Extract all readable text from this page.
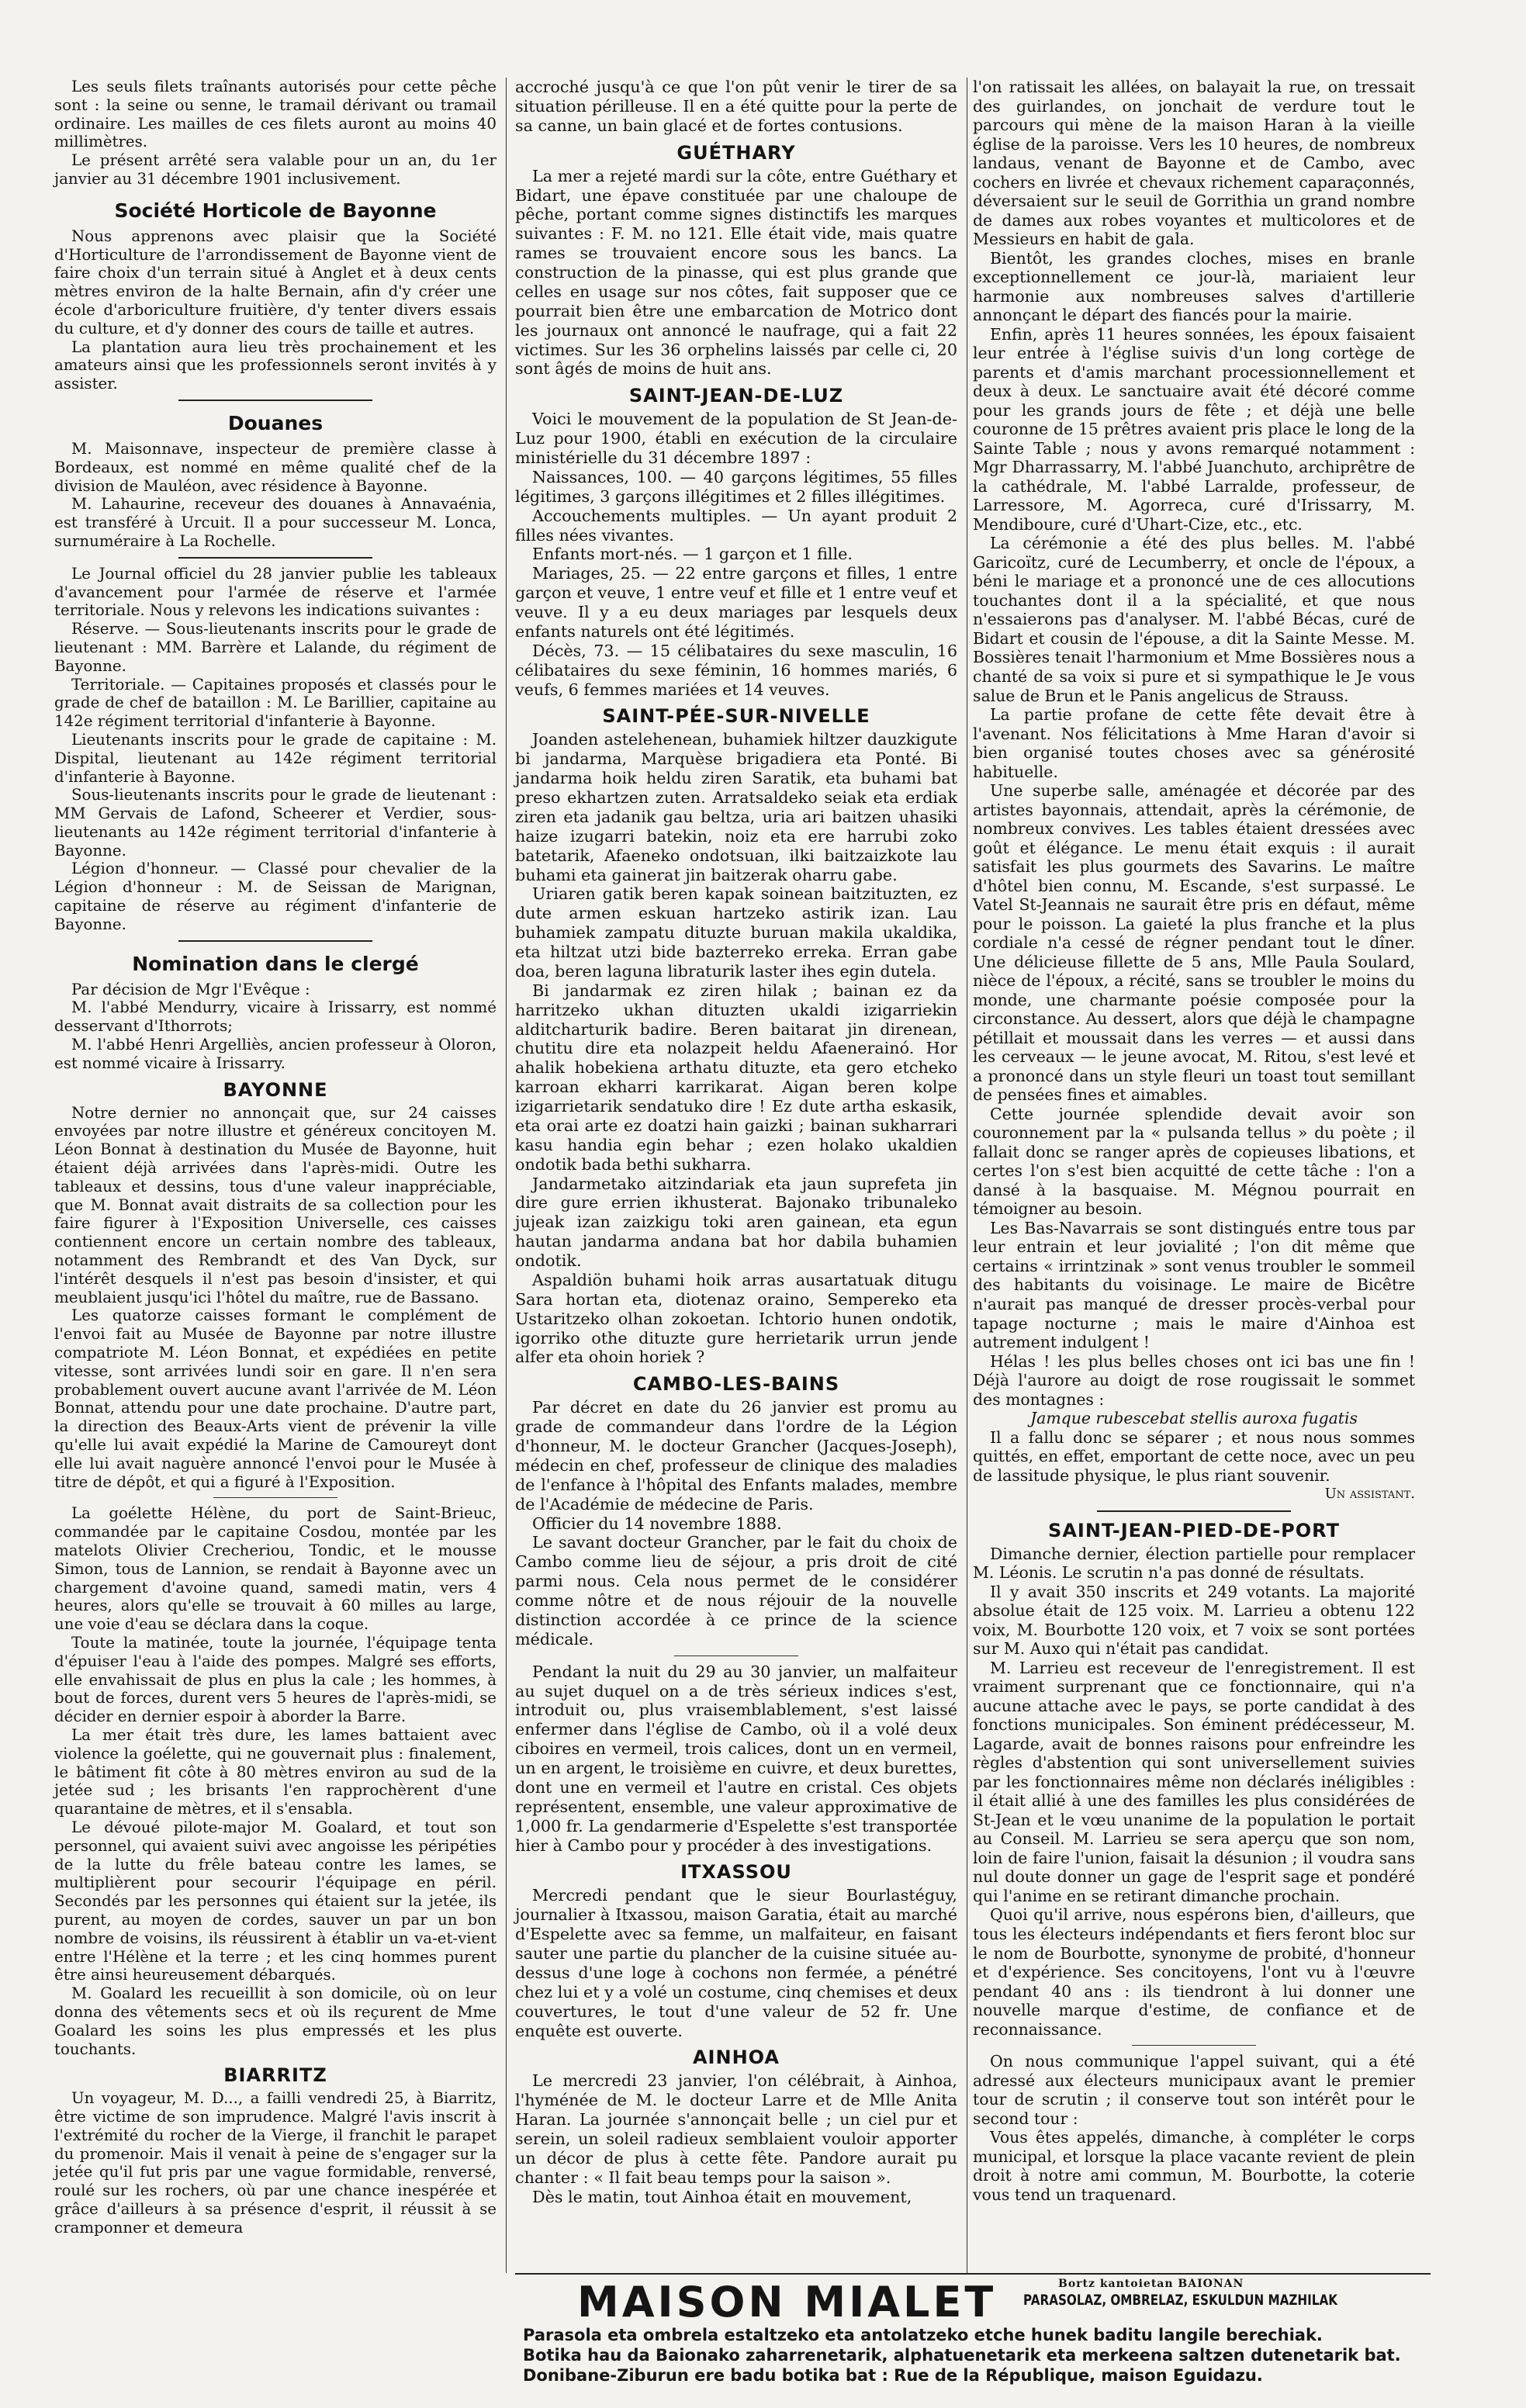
Les seuls filets traînants autorisés pour cette pêche sont : la seine ou senne, le tramail dérivant ou tramail ordinaire. Les mailles de ces filets auront au moins 40 millimètres.

Le présent arrêté sera valable pour un an, du 1er janvier au 31 décembre 1901 inclusivement.

Société Horticole de Bayonne

Nous apprenons avec plaisir que la Société d'Horticulture de l'arrondissement de Bayonne vient de faire choix d'un terrain situé à Anglet et à deux cents mètres environ de la halte Bernain, afin d'y créer une école d'arboriculture fruitière, d'y tenter divers essais du culture, et d'y donner des cours de taille et autres.

La plantation aura lieu très prochainement et les amateurs ainsi que les professionnels seront invités à y assister.

Douanes

M. Maisonnave, inspecteur de première classe à Bordeaux, est nommé en même qualité chef de la division de Mauléon, avec résidence à Bayonne.

M. Lahaurine, receveur des douanes à Annavaénia, est transféré à Urcuit. Il a pour successeur M. Lonca, surnuméraire à La Rochelle.

Le Journal officiel du 28 janvier publie les tableaux d'avancement pour l'armée de réserve et l'armée territoriale. Nous y relevons les indications suivantes :

Réserve. — Sous-lieutenants inscrits pour le grade de lieutenant : MM. Barrère et Lalande, du régiment de Bayonne.

Territoriale. — Capitaines proposés et classés pour le grade de chef de bataillon : M. Le Barillier, capitaine au 142e régiment territorial d'infanterie à Bayonne.

Lieutenants inscrits pour le grade de capitaine : M. Dispital, lieutenant au 142e régiment territorial d'infanterie à Bayonne.

Sous-lieutenants inscrits pour le grade de lieutenant : MM Gervais de Lafond, Scheerer et Verdier, sous-lieutenants au 142e régiment territorial d'infanterie à Bayonne.

Légion d'honneur. — Classé pour chevalier de la Légion d'honneur : M. de Seissan de Marignan, capitaine de réserve au régiment d'infanterie de Bayonne.

Nomination dans le clergé

Par décision de Mgr l'Evêque :

M. l'abbé Mendurry, vicaire à Irissarry, est nommé desservant d'Ithorrots;

M. l'abbé Henri Argelliès, ancien professeur à Oloron, est nommé vicaire à Irissarry.

BAYONNE

Notre dernier no annonçait que, sur 24 caisses envoyées par notre illustre et généreux concitoyen M. Léon Bonnat à destination du Musée de Bayonne, huit étaient déjà arrivées dans l'après-midi. Outre les tableaux et dessins, tous d'une valeur inappréciable, que M. Bonnat avait distraits de sa collection pour les faire figurer à l'Exposition Universelle, ces caisses contiennent encore un certain nombre des tableaux, notamment des Rembrandt et des Van Dyck, sur l'intérêt desquels il n'est pas besoin d'insister, et qui meublaient jusqu'ici l'hôtel du maître, rue de Bassano.

Les quatorze caisses formant le complément de l'envoi fait au Musée de Bayonne par notre illustre compatriote M. Léon Bonnat, et expédiées en petite vitesse, sont arrivées lundi soir en gare. Il n'en sera probablement ouvert aucune avant l'arrivée de M. Léon Bonnat, attendu pour une date prochaine. D'autre part, la direction des Beaux-Arts vient de prévenir la ville qu'elle lui avait expédié la Marine de Camoureyt dont elle lui avait naguère annoncé l'envoi pour le Musée à titre de dépôt, et qui a figuré à l'Exposition.

La goélette Hélène, du port de Saint-Brieuc, commandée par le capitaine Cosdou, montée par les matelots Olivier Crecheriou, Tondic, et le mousse Simon, tous de Lannion, se rendait à Bayonne avec un chargement d'avoine quand, samedi matin, vers 4 heures, alors qu'elle se trouvait à 60 milles au large, une voie d'eau se déclara dans la coque.

Toute la matinée, toute la journée, l'équipage tenta d'épuiser l'eau à l'aide des pompes. Malgré ses efforts, elle envahissait de plus en plus la cale ; les hommes, à bout de forces, durent vers 5 heures de l'après-midi, se décider en dernier espoir à aborder la Barre.

La mer était très dure, les lames battaient avec violence la goélette, qui ne gouvernait plus : finalement, le bâtiment fit côte à 80 mètres environ au sud de la jetée sud ; les brisants l'en rapprochèrent d'une quarantaine de mètres, et il s'ensabla.

Le dévoué pilote-major M. Goalard, et tout son personnel, qui avaient suivi avec angoisse les péripéties de la lutte du frêle bateau contre les lames, se multiplièrent pour secourir l'équipage en péril. Secondés par les personnes qui étaient sur la jetée, ils purent, au moyen de cordes, sauver un par un bon nombre de voisins, ils réussirent à établir un va-et-vient entre l'Hélène et la terre ; et les cinq hommes purent être ainsi heureusement débarqués.

M. Goalard les recueillit à son domicile, où on leur donna des vêtements secs et où ils reçurent de Mme Goalard les soins les plus empressés et les plus touchants.

BIARRITZ

Un voyageur, M. D..., a failli vendredi 25, à Biarritz, être victime de son imprudence. Malgré l'avis inscrit à l'extrémité du rocher de la Vierge, il franchit le parapet du promenoir. Mais il venait à peine de s'engager sur la jetée qu'il fut pris par une vague formidable, renversé, roulé sur les rochers, où par une chance inespérée et grâce d'ailleurs à sa présence d'esprit, il réussit à se cramponner et demeura

accroché jusqu'à ce que l'on pût venir le tirer de sa situation périlleuse. Il en a été quitte pour la perte de sa canne, un bain glacé et de fortes contusions.

GUÉTHARY

La mer a rejeté mardi sur la côte, entre Guéthary et Bidart, une épave constituée par une chaloupe de pêche, portant comme signes distinctifs les marques suivantes : F. M. no 121. Elle était vide, mais quatre rames se trouvaient encore sous les bancs. La construction de la pinasse, qui est plus grande que celles en usage sur nos côtes, fait supposer que ce pourrait bien être une embarcation de Motrico dont les journaux ont annoncé le naufrage, qui a fait 22 victimes. Sur les 36 orphelins laissés par celle ci, 20 sont âgés de moins de huit ans.

SAINT-JEAN-DE-LUZ

Voici le mouvement de la population de St Jean-de-Luz pour 1900, établi en exécution de la circulaire ministérielle du 31 décembre 1897 :

Naissances, 100. — 40 garçons légitimes, 55 filles légitimes, 3 garçons illégitimes et 2 filles illégitimes.

Accouchements multiples. — Un ayant produit 2 filles nées vivantes.

Enfants mort-nés. — 1 garçon et 1 fille.

Mariages, 25. — 22 entre garçons et filles, 1 entre garçon et veuve, 1 entre veuf et fille et 1 entre veuf et veuve. Il y a eu deux mariages par lesquels deux enfants naturels ont été légitimés.

Décès, 73. — 15 célibataires du sexe masculin, 16 célibataires du sexe féminin, 16 hommes mariés, 6 veufs, 6 femmes mariées et 14 veuves.

SAINT-PÉE-SUR-NIVELLE

Joanden astelehenean, buhamiek hiltzer dauzkigute bi jandarma, Marquèse brigadiera eta Ponté. Bi jandarma hoik heldu ziren Saratik, eta buhami bat preso ekhartzen zuten. Arratsaldeko seiak eta erdiak ziren eta jadanik gau beltza, uria ari baitzen uhasiki haize izugarri batekin, noiz eta ere harrubi zoko batetarik, Afaeneko ondotsuan, ilki baitzaizkote lau buhami eta gainerat jin baitzerak oharru gabe.

Uriaren gatik beren kapak soinean baitzituzten, ez dute armen eskuan hartzeko astirik izan. Lau buhamiek zampatu dituzte buruan makila ukaldika, eta hiltzat utzi bide bazterreko erreka. Erran gabe doa, beren laguna libraturik laster ihes egin dutela.

Bi jandarmak ez ziren hilak ; bainan ez da harritzeko ukhan dituzten ukaldi izigarriekin alditcharturik badire. Beren baitarat jin direnean, chutitu dire eta nolazpeit heldu Afaenerainó. Hor ahalik hobekiena arthatu dituzte, eta gero etcheko karroan ekharri karrikarat. Aigan beren kolpe izigarrietarik sendatuko dire ! Ez dute artha eskasik, eta orai arte ez doatzi hain gaizki ; bainan sukharrari kasu handia egin behar ; ezen holako ukaldien ondotik bada bethi sukharra.

Jandarmetako aitzindariak eta jaun suprefeta jin dire gure errien ikhusterat. Bajonako tribunaleko jujeak izan zaizkigu toki aren gainean, eta egun hautan jandarma andana bat hor dabila buhamien ondotik.

Aspaldiön buhami hoik arras ausartatuak ditugu Sara hortan eta, diotenaz oraino, Sempereko eta Ustaritzeko olhan zokoetan. Ichtorio hunen ondotik, igorriko othe dituzte gure herrietarik urrun jende alfer eta ohoin horiek ?

CAMBO-LES-BAINS

Par décret en date du 26 janvier est promu au grade de commandeur dans l'ordre de la Légion d'honneur, M. le docteur Grancher (Jacques-Joseph), médecin en chef, professeur de clinique des maladies de l'enfance à l'hôpital des Enfants malades, membre de l'Académie de médecine de Paris.

Officier du 14 novembre 1888.

Le savant docteur Grancher, par le fait du choix de Cambo comme lieu de séjour, a pris droit de cité parmi nous. Cela nous permet de le considérer comme nôtre et de nous réjouir de la nouvelle distinction accordée à ce prince de la science médicale.

Pendant la nuit du 29 au 30 janvier, un malfaiteur au sujet duquel on a de très sérieux indices s'est, introduit ou, plus vraisemblablement, s'est laissé enfermer dans l'église de Cambo, où il a volé deux ciboires en vermeil, trois calices, dont un en vermeil, un en argent, le troisième en cuivre, et deux burettes, dont une en vermeil et l'autre en cristal. Ces objets représentent, ensemble, une valeur approximative de 1,000 fr. La gendarmerie d'Espelette s'est transportée hier à Cambo pour y procéder à des investigations.

ITXASSOU

Mercredi pendant que le sieur Bourlastéguy, journalier à Itxassou, maison Garatia, était au marché d'Espelette avec sa femme, un malfaiteur, en faisant sauter une partie du plancher de la cuisine située au-dessus d'une loge à cochons non fermée, a pénétré chez lui et y a volé un costume, cinq chemises et deux couvertures, le tout d'une valeur de 52 fr. Une enquête est ouverte.

AINHOA

Le mercredi 23 janvier, l'on célébrait, à Ainhoa, l'hyménée de M. le docteur Larre et de Mlle Anita Haran. La journée s'annonçait belle ; un ciel pur et serein, un soleil radieux semblaient vouloir apporter un décor de plus à cette fête. Pandore aurait pu chanter : « Il fait beau temps pour la saison ».

Dès le matin, tout Ainhoa était en mouvement,

l'on ratissait les allées, on balayait la rue, on tressait des guirlandes, on jonchait de verdure tout le parcours qui mène de la maison Haran à la vieille église de la paroisse. Vers les 10 heures, de nombreux landaus, venant de Bayonne et de Cambo, avec cochers en livrée et chevaux richement caparaçonnés, déversaient sur le seuil de Gorrithia un grand nombre de dames aux robes voyantes et multicolores et de Messieurs en habit de gala.

Bientôt, les grandes cloches, mises en branle exceptionnellement ce jour-là, mariaient leur harmonie aux nombreuses salves d'artillerie annonçant le départ des fiancés pour la mairie.

Enfin, après 11 heures sonnées, les époux faisaient leur entrée à l'église suivis d'un long cortège de parents et d'amis marchant processionnellement et deux à deux. Le sanctuaire avait été décoré comme pour les grands jours de fête ; et déjà une belle couronne de 15 prêtres avaient pris place le long de la Sainte Table ; nous y avons remarqué notamment : Mgr Dharrassarry, M. l'abbé Juanchuto, archiprêtre de la cathédrale, M. l'abbé Larralde, professeur, de Larressore, M. Agorreca, curé d'Irissarry, M. Mendiboure, curé d'Uhart-Cize, etc., etc.

La cérémonie a été des plus belles. M. l'abbé Garicoïtz, curé de Lecumberry, et oncle de l'époux, a béni le mariage et a prononcé une de ces allocutions touchantes dont il a la spécialité, et que nous n'essaierons pas d'analyser. M. l'abbé Bécas, curé de Bidart et cousin de l'épouse, a dit la Sainte Messe. M. Bossières tenait l'harmonium et Mme Bossières nous a chanté de sa voix si pure et si sympathique le Je vous salue de Brun et le Panis angelicus de Strauss.

La partie profane de cette fête devait être à l'avenant. Nos félicitations à Mme Haran d'avoir si bien organisé toutes choses avec sa générosité habituelle.

Une superbe salle, aménagée et décorée par des artistes bayonnais, attendait, après la cérémonie, de nombreux convives. Les tables étaient dressées avec goût et élégance. Le menu était exquis : il aurait satisfait les plus gourmets des Savarins. Le maître d'hôtel bien connu, M. Escande, s'est surpassé. Le Vatel St-Jeannais ne saurait être pris en défaut, même pour le poisson. La gaieté la plus franche et la plus cordiale n'a cessé de régner pendant tout le dîner. Une délicieuse fillette de 5 ans, Mlle Paula Soulard, nièce de l'époux, a récité, sans se troubler le moins du monde, une charmante poésie composée pour la circonstance. Au dessert, alors que déjà le champagne pétillait et moussait dans les verres — et aussi dans les cerveaux — le jeune avocat, M. Ritou, s'est levé et a prononcé dans un style fleuri un toast tout semillant de pensées fines et aimables.

Cette journée splendide devait avoir son couronnement par la « pulsanda tellus » du poète ; il fallait donc se ranger après de copieuses libations, et certes l'on s'est bien acquitté de cette tâche : l'on a dansé à la basquaise. M. Mégnou pourrait en témoigner au besoin.

Les Bas-Navarrais se sont distingués entre tous par leur entrain et leur jovialité ; l'on dit même que certains « irrintzinak » sont venus troubler le sommeil des habitants du voisinage. Le maire de Bicêtre n'aurait pas manqué de dresser procès-verbal pour tapage nocturne ; mais le maire d'Ainhoa est autrement indulgent !

Hélas ! les plus belles choses ont ici bas une fin ! Déjà l'aurore au doigt de rose rougissait le sommet des montagnes :

Jamque rubescebat stellis auroxa fugatis

Il a fallu donc se séparer ; et nous nous sommes quittés, en effet, emportant de cette noce, avec un peu de lassitude physique, le plus riant souvenir.

Un assistant.
SAINT-JEAN-PIED-DE-PORT

Dimanche dernier, élection partielle pour remplacer M. Léonis. Le scrutin n'a pas donné de résultats.

Il y avait 350 inscrits et 249 votants. La majorité absolue était de 125 voix. M. Larrieu a obtenu 122 voix, M. Bourbotte 120 voix, et 7 voix se sont portées sur M. Auxo qui n'était pas candidat.

M. Larrieu est receveur de l'enregistrement. Il est vraiment surprenant que ce fonctionnaire, qui n'a aucune attache avec le pays, se porte candidat à des fonctions municipales. Son éminent prédécesseur, M. Lagarde, avait de bonnes raisons pour enfreindre les règles d'abstention qui sont universellement suivies par les fonctionnaires même non déclarés inéligibles : il était allié à une des familles les plus considérées de St-Jean et le vœu unanime de la population le portait au Conseil. M. Larrieu se sera aperçu que son nom, loin de faire l'union, faisait la désunion ; il voudra sans nul doute donner un gage de l'esprit sage et pondéré qui l'anime en se retirant dimanche prochain.

Quoi qu'il arrive, nous espérons bien, d'ailleurs, que tous les électeurs indépendants et fiers feront bloc sur le nom de Bourbotte, synonyme de probité, d'honneur et d'expérience. Ses concitoyens, l'ont vu à l'œuvre pendant 40 ans : ils tiendront à lui donner une nouvelle marque d'estime, de confiance et de reconnaissance.

On nous communique l'appel suivant, qui a été adressé aux électeurs municipaux avant le premier tour de scrutin ; il conserve tout son intérêt pour le second tour :

Vous êtes appelés, dimanche, à compléter le corps municipal, et lorsque la place vacante revient de plein droit à notre ami commun, M. Bourbotte, la coterie vous tend un traquenard.

MAISON MIALET	Bortz kantoietan BAIONAN
PARASOLAZ, OMBRELAZ, ESKULDUN MAZHILAK
Parasola eta ombrela estaltzeko eta antolatzeko etche hunek baditu langile berechiak.
Botika hau da Baionako zaharrenetarik, alphatuenetarik eta merkeena saltzen dutenetarik bat.
Donibane-Ziburun ere badu botika bat : Rue de la République, maison Eguidazu.
